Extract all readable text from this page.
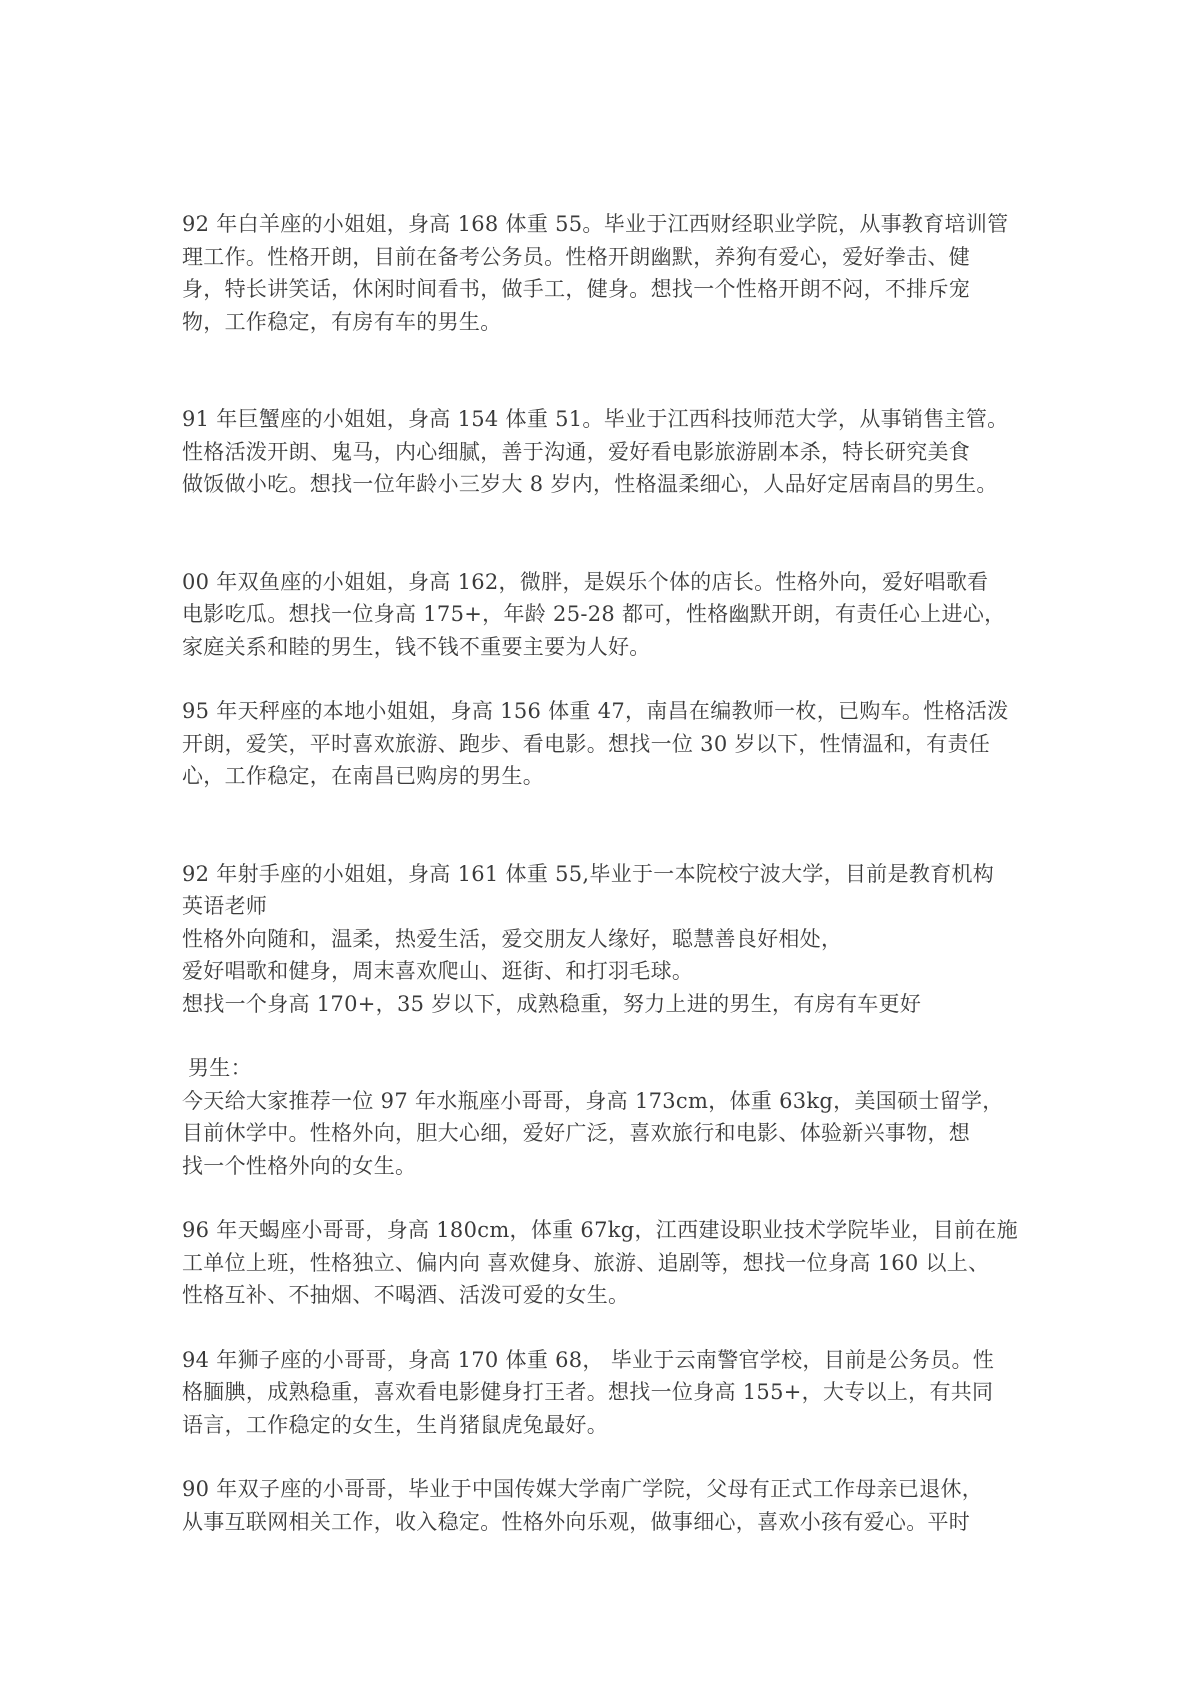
92 年白羊座的小姐姐，身高 168 体重 55。毕业于江西财经职业学院，从事教育培训管
理工作。性格开朗，目前在备考公务员。性格开朗幽默，养狗有爱心，爱好拳击、健
身，特长讲笑话，休闲时间看书，做手工，健身。想找一个性格开朗不闷，不排斥宠
物，工作稳定，有房有车的男生。

91 年巨蟹座的小姐姐，身高 154 体重 51。毕业于江西科技师范大学，从事销售主管。
性格活泼开朗、鬼马，内心细腻，善于沟通，爱好看电影旅游剧本杀，特长研究美食
做饭做小吃。想找一位年龄小三岁大 8 岁内，性格温柔细心，人品好定居南昌的男生。

00 年双鱼座的小姐姐，身高 162，微胖，是娱乐个体的店长。性格外向，爱好唱歌看
电影吃瓜。想找一位身高 175+，年龄 25-28 都可，性格幽默开朗，有责任心上进心，
家庭关系和睦的男生，钱不钱不重要主要为人好。

95 年天秤座的本地小姐姐，身高 156 体重 47，南昌在编教师一枚，已购车。性格活泼
开朗，爱笑，平时喜欢旅游、跑步、看电影。想找一位 30 岁以下，性情温和，有责任
心，工作稳定，在南昌已购房的男生。

92 年射手座的小姐姐，身高 161 体重 55,毕业于一本院校宁波大学，目前是教育机构
英语老师
性格外向随和，温柔，热爱生活，爱交朋友人缘好，聪慧善良好相处，
爱好唱歌和健身，周末喜欢爬山、逛街、和打羽毛球。
想找一个身高 170+，35 岁以下，成熟稳重，努力上进的男生，有房有车更好

男生：

今天给大家推荐一位 97 年水瓶座小哥哥，身高 173cm，体重 63kg，美国硕士留学，
目前休学中。性格外向，胆大心细，爱好广泛，喜欢旅行和电影、体验新兴事物，想
找一个性格外向的女生。

96 年天蝎座小哥哥，身高 180cm，体重 67kg，江西建设职业技术学院毕业，目前在施
工单位上班，性格独立、偏内向 喜欢健身、旅游、追剧等，想找一位身高 160 以上、
性格互补、不抽烟、不喝酒、活泼可爱的女生。

94 年狮子座的小哥哥，身高 170 体重 68， 毕业于云南警官学校，目前是公务员。性
格腼腆，成熟稳重，喜欢看电影健身打王者。想找一位身高 155+，大专以上，有共同
语言，工作稳定的女生，生肖猪鼠虎兔最好。

90 年双子座的小哥哥，毕业于中国传媒大学南广学院，父母有正式工作母亲已退休，
从事互联网相关工作，收入稳定。性格外向乐观，做事细心，喜欢小孩有爱心。平时
